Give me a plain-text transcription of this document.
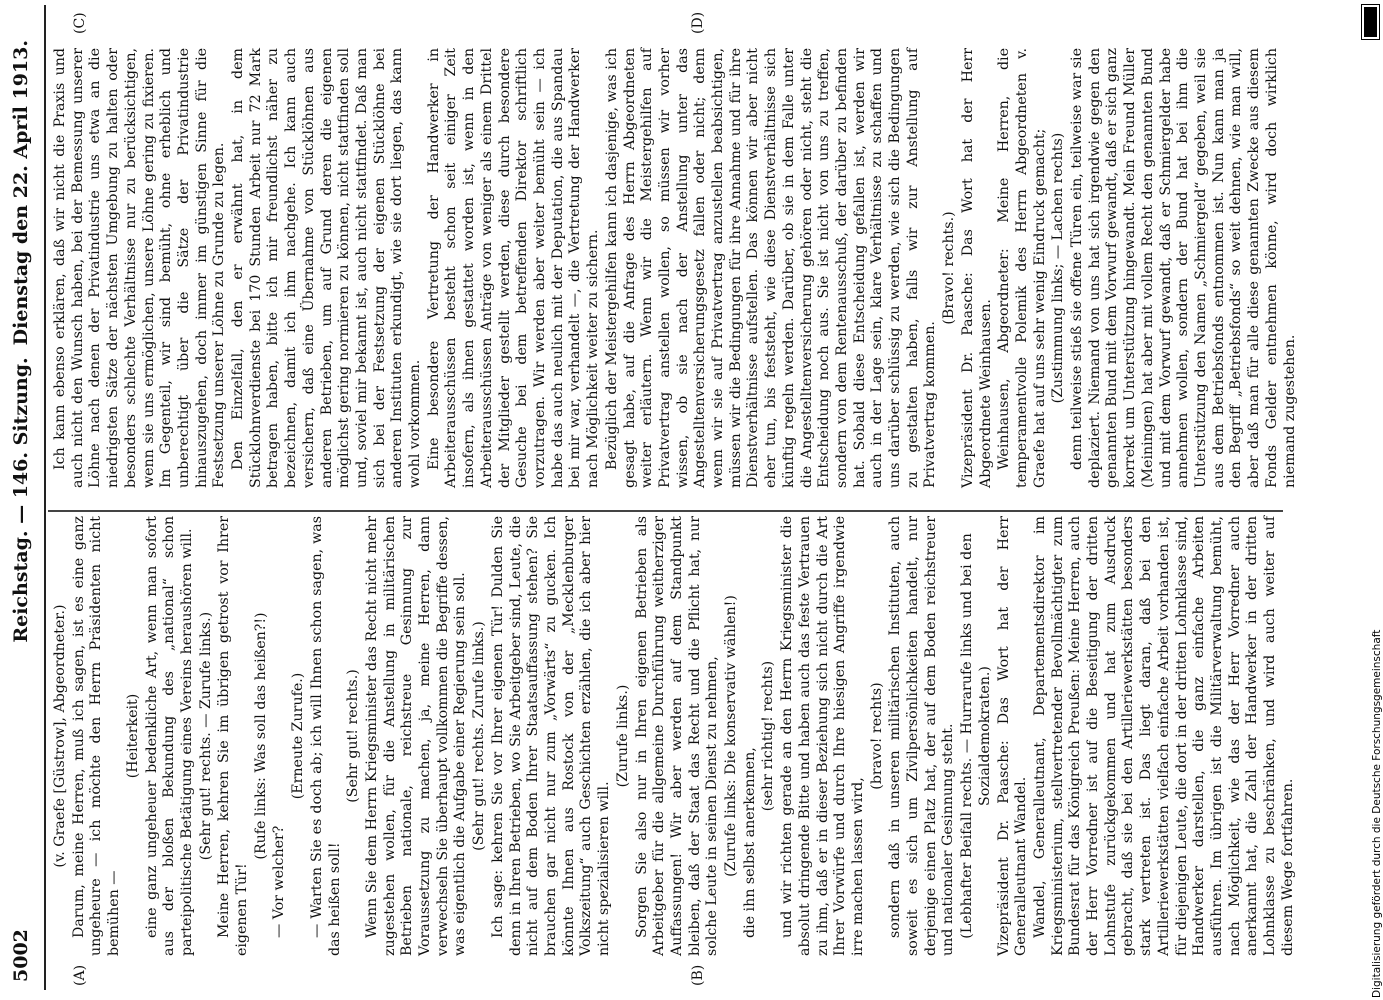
5002
Reichstag. — 146. Sitzung.
Dienstag den 22. April 1913.
(A)	(B)
(C)	(D)

(v. Graefe [Güstrow], Abgeordneter.) Darum, meine Herren, muß ich sagen, ist es eine ganz ungeheure — ich möchte den Herrn Präsidenten nicht bemühen —

(Heiterkeit) eine ganz ungeheuer bedenkliche Art, wenn man sofort aus der bloßen Bekundung des „national“ schon parteipolitische Betätigung eines Vereins heraushören will. (Sehr gut! rechts. — Zurufe links.) Meine Herren, kehren Sie im übrigen getrost vor Ihrer eigenen Tür!

(Rufe links: Was soll das heißen?!)

— Vor welcher?

(Erneute Zurufe.) — Warten Sie es doch ab; ich will Ihnen schon sagen, was das heißen soll!

(Sehr gut! rechts.) Wenn Sie dem Herrn Kriegsminister das Recht nicht mehr zugestehen wollen, für die Anstellung in militärischen Betrieben nationale, reichstreue Gesinnung zur Voraussetzung zu machen, ja, meine Herren, dann verwechseln Sie überhaupt vollkommen die Begriffe dessen, was eigentlich die Aufgabe einer Regierung sein soll. (Sehr gut! rechts. Zurufe links.) Ich sage: kehren Sie vor Ihrer eigenen Tür! Dulden Sie denn in Ihren Betrieben, wo Sie Arbeitgeber sind, Leute, die nicht auf dem Boden Ihrer Staatsauffassung stehen? Sie brauchen gar nicht nur zum „Vorwärts“ zu gucken. Ich könnte Ihnen aus Rostock von der „Mecklenburger Volkszeitung“ auch Geschichten erzählen, die ich aber hier nicht spezialisieren will.

(Zurufe links.) Sorgen Sie also nur in Ihren eigenen Betrieben als Arbeitgeber für die allgemeine Durchführung weitherziger Auffassungen! Wir aber werden auf dem Standpunkt bleiben, daß der Staat das Recht und die Pflicht hat, nur solche Leute in seinen Dienst zu nehmen, (Zurufe links: Die konservativ wählen!) die ihn selbst anerkennen,

(sehr richtig! rechts) und wir richten gerade an den Herrn Kriegsminister die absolut dringende Bitte und haben auch das feste Vertrauen zu ihm, daß er in dieser Beziehung sich nicht durch die Art Ihrer Vorwürfe und durch Ihre hiesigen Angriffe irgendwie irre machen lassen wird,

(bravo! rechts) sondern daß in unseren militärischen Instituten, auch soweit es sich um Zivilpersönlichkeiten handelt, nur derjenige einen Platz hat, der auf dem Boden reichstreuer und nationaler Gesinnung steht. (Lebhafter Beifall rechts. — Hurrarufe links und bei den Sozialdemokraten.) Vizepräsident Dr. Paasche: Das Wort hat der Herr Generalleutnant Wandel. Wandel, Generalleutnant, Departementsdirektor im Kriegsministerium, stellvertretender Bevollmächtigter zum Bundesrat für das Königreich Preußen: Meine Herren, auch der Herr Vorredner ist auf die Beseitigung der dritten Lohnstufe zurückgekommen und hat zum Ausdruck gebracht, daß sie bei den Artilleriewerkstätten besonders stark vertreten ist. Das liegt daran, daß bei den Artilleriewerkstätten vielfach einfache Arbeit vorhanden ist, für diejenigen Leute, die dort in der dritten Lohnklasse sind, Handwerker darstellen, die ganz einfache Arbeiten ausführen. Im übrigen ist die Militärverwaltung bemüht, nach Möglichkeit, wie das der Herr Vorredner auch anerkannt hat, die Zahl der Handwerker in der dritten Lohnklasse zu beschränken, und wird auch weiter auf diesem Wege fortfahren.

Ich kann ebenso erklären, daß wir nicht die Praxis und auch nicht den Wunsch haben, bei der Bemessung unserer Löhne nach denen der Privatindustrie uns etwa an die niedrigsten Sätze der nächsten Umgebung zu halten oder besonders schlechte Verhältnisse nur zu berücksichtigen, wenn sie uns ermöglichen, unsere Löhne gering zu fixieren. Im Gegenteil, wir sind bemüht, ohne erheblich und unberechtigt über die Sätze der Privatindustrie hinauszugehen, doch immer im günstigen Sinne für die Festsetzung unserer Löhne zu Grunde zu legen. Den Einzelfall, den er erwähnt hat, in dem Stücklohnverdienste bei 170 Stunden Arbeit nur 72 Mark betragen haben, bitte ich mir freundlichst näher zu bezeichnen, damit ich ihm nachgehe. Ich kann auch versichern, daß eine Übernahme von Stücklöhnen aus anderen Betrieben, um auf Grund deren die eigenen möglichst gering normieren zu können, nicht stattfinden soll und, soviel mir bekannt ist, auch nicht stattfindet. Daß man sich bei der Festsetzung der eigenen Stücklöhne bei anderen Instituten erkundigt, wie sie dort liegen, das kann wohl vorkommen. Eine besondere Vertretung der Handwerker in Arbeiterausschüssen besteht schon seit einiger Zeit insofern, als ihnen gestattet worden ist, wenn in den Arbeiterausschüssen Anträge von weniger als einem Drittel der Mitglieder gestellt werden, diese durch besondere Gesuche bei dem betreffenden Direktor schriftlich vorzutragen. Wir werden aber weiter bemüht sein — ich habe das auch neulich mit der Deputation, die aus Spandau bei mir war, verhandelt —, die Vertretung der Handwerker nach Möglichkeit weiter zu sichern. Bezüglich der Meistergehilfen kann ich dasjenige, was ich gesagt habe, auf die Anfrage des Herrn Abgeordneten weiter erläutern. Wenn wir die Meistergehilfen auf Privatvertrag anstellen wollen, so müssen wir vorher wissen, ob sie nach der Anstellung unter das Angestelltenversicherungsgesetz fallen oder nicht; denn wenn wir sie auf Privatvertrag anzustellen beabsichtigen, müssen wir die Bedingungen für ihre Annahme und für ihre Dienstverhältnisse aufstellen. Das können wir aber nicht eher tun, bis feststeht, wie diese Dienstverhältnisse sich künftig regeln werden. Darüber, ob sie in dem Falle unter die Angestelltenversicherung gehören oder nicht, steht die Entscheidung noch aus. Sie ist nicht von uns zu treffen, sondern von dem Rentenausschuß, der darüber zu befinden hat. Sobald diese Entscheidung gefallen ist, werden wir auch in der Lage sein, klare Verhältnisse zu schaffen und uns darüber schlüssig zu werden, wie sich die Bedingungen zu gestalten haben, falls wir zur Anstellung auf Privatvertrag kommen.

(Bravo! rechts.) Vizepräsident Dr. Paasche: Das Wort hat der Herr Abgeordnete Weinhausen. Weinhausen, Abgeordneter: Meine Herren, die temperamentvolle Polemik des Herrn Abgeordneten v. Graefe hat auf uns sehr wenig Eindruck gemacht; (Zustimmung links; — Lachen rechts) denn teilweise stieß sie offene Türen ein, teilweise war sie deplaziert. Niemand von uns hat sich irgendwie gegen den genannten Bund mit dem Vorwurf gewandt, daß er sich ganz korrekt um Unterstützung hingewandt. Mein Freund Müller (Meiningen) hat aber mit vollem Recht den genannten Bund und mit dem Vorwurf gewandt, daß er Schmiergelder habe annehmen wollen, sondern der Bund hat bei ihm die Unterstützung den Namen „Schmiergeld“ gegeben, weil sie aus dem Betriebsfonds entnommen ist. Nun kann man ja den Begriff „Betriebsfonds“ so weit dehnen, wie man will, aber daß man für alle diese genannten Zwecke aus diesem Fonds Gelder entnehmen könne, wird doch wirklich niemand zugestehen.

Digitalisierung gefördert durch die Deutsche Forschungsgemeinschaft
